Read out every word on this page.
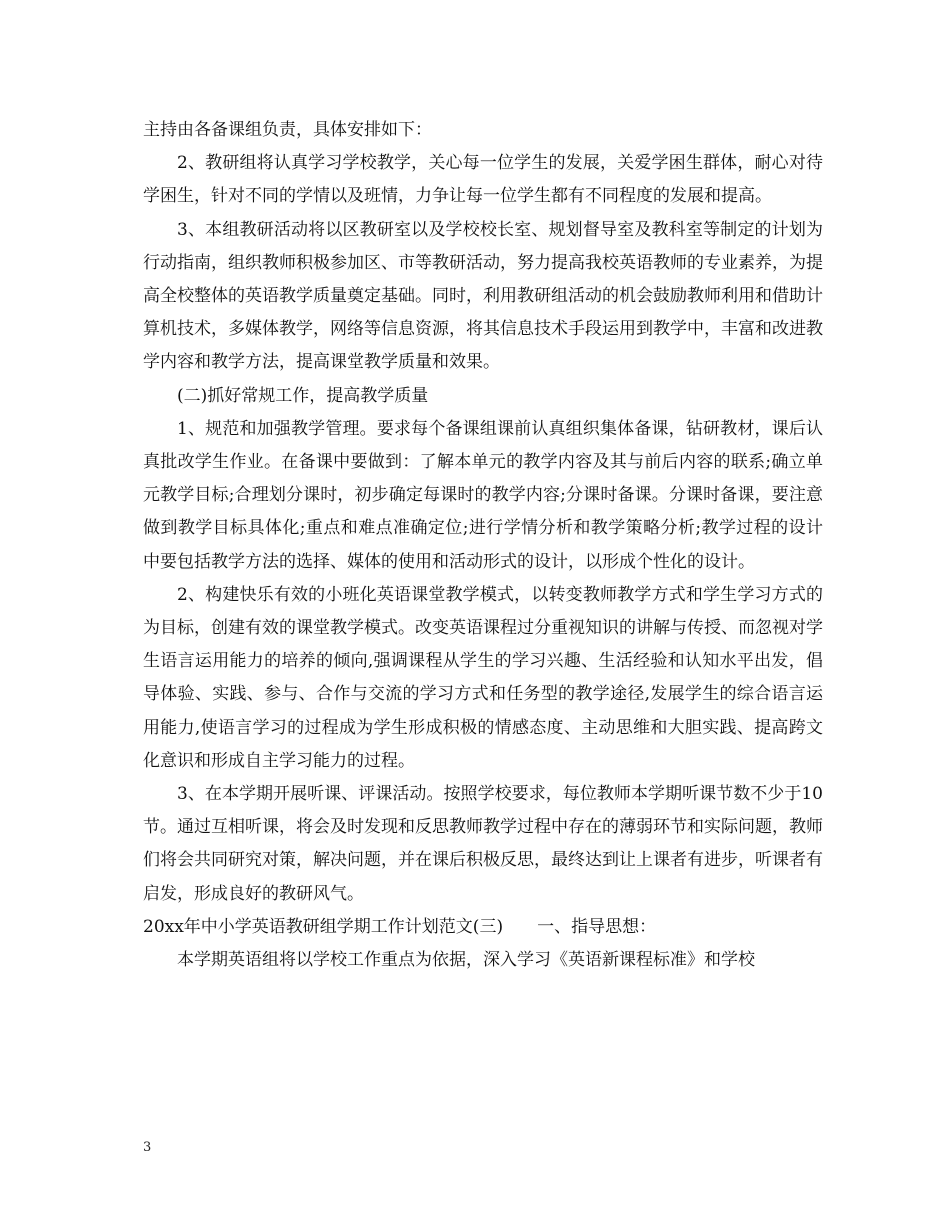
主持由各备课组负责，具体安排如下：

2、教研组将认真学习学校教学，关心每一位学生的发展，关爱学困生群体，耐心对待学困生，针对不同的学情以及班情，力争让每一位学生都有不同程度的发展和提高。

3、本组教研活动将以区教研室以及学校校长室、规划督导室及教科室等制定的计划为行动指南，组织教师积极参加区、市等教研活动，努力提高我校英语教师的专业素养，为提高全校整体的英语教学质量奠定基础。同时，利用教研组活动的机会鼓励教师利用和借助计算机技术，多媒体教学，网络等信息资源，将其信息技术手段运用到教学中，丰富和改进教学内容和教学方法，提高课堂教学质量和效果。

(二)抓好常规工作，提高教学质量

1、规范和加强教学管理。要求每个备课组课前认真组织集体备课，钻研教材，课后认真批改学生作业。在备课中要做到：了解本单元的教学内容及其与前后内容的联系;确立单元教学目标;合理划分课时，初步确定每课时的教学内容;分课时备课。分课时备课，要注意做到教学目标具体化;重点和难点准确定位;进行学情分析和教学策略分析;教学过程的设计中要包括教学方法的选择、媒体的使用和活动形式的设计，以形成个性化的设计。

2、构建快乐有效的小班化英语课堂教学模式，以转变教师教学方式和学生学习方式的为目标，创建有效的课堂教学模式。改变英语课程过分重视知识的讲解与传授、而忽视对学生语言运用能力的培养的倾向,强调课程从学生的学习兴趣、生活经验和认知水平出发，倡导体验、实践、参与、合作与交流的学习方式和任务型的教学途径,发展学生的综合语言运用能力,使语言学习的过程成为学生形成积极的情感态度、主动思维和大胆实践、提高跨文化意识和形成自主学习能力的过程。

3、在本学期开展听课、评课活动。按照学校要求，每位教师本学期听课节数不少于10节。通过互相听课，将会及时发现和反思教师教学过程中存在的薄弱环节和实际问题，教师们将会共同研究对策，解决问题，并在课后积极反思，最终达到让上课者有进步，听课者有启发，形成良好的教研风气。

20xx年中小学英语教研组学期工作计划范文(三)　　一、指导思想：

本学期英语组将以学校工作重点为依据，深入学习《英语新课程标准》和学校

3
